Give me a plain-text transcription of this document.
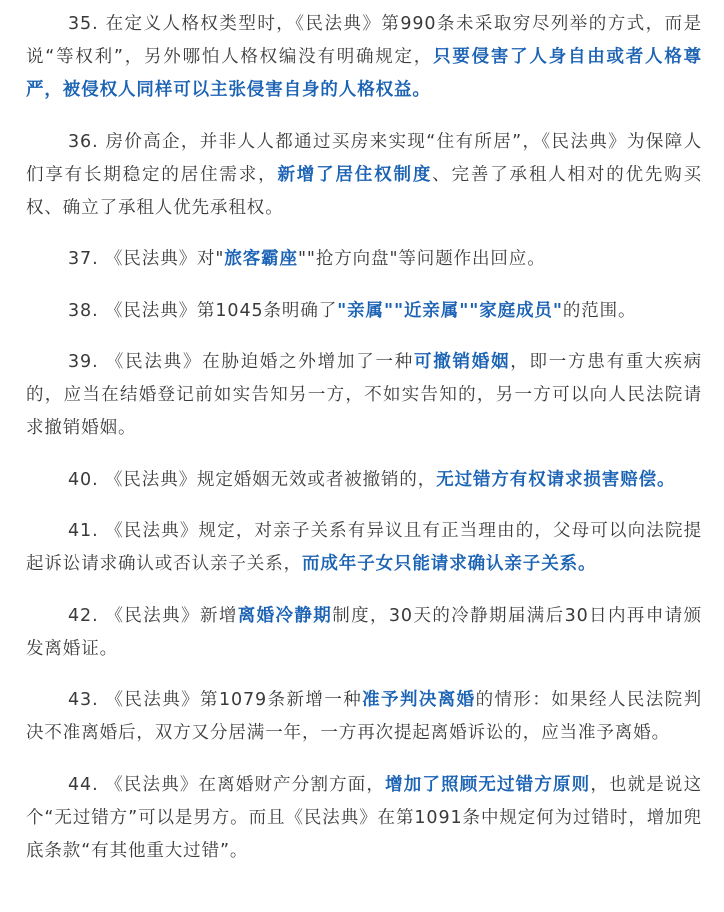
35. 在定义人格权类型时，《民法典》第990条未采取穷尽列举的方式，而是说“等权利”，另外哪怕人格权编没有明确规定，只要侵害了人身自由或者人格尊严，被侵权人同样可以主张侵害自身的人格权益。

36. 房价高企，并非人人都通过买房来实现“住有所居”，《民法典》为保障人们享有长期稳定的居住需求，新增了居住权制度、完善了承租人相对的优先购买权、确立了承租人优先承租权。

37. 《民法典》对"旅客霸座""抢方向盘"等问题作出回应。

38. 《民法典》第1045条明确了"亲属""近亲属""家庭成员"的范围。

39. 《民法典》在胁迫婚之外增加了一种可撤销婚姻，即一方患有重大疾病的，应当在结婚登记前如实告知另一方，不如实告知的，另一方可以向人民法院请求撤销婚姻。

40. 《民法典》规定婚姻无效或者被撤销的，无过错方有权请求损害赔偿。

41. 《民法典》规定，对亲子关系有异议且有正当理由的，父母可以向法院提起诉讼请求确认或否认亲子关系，而成年子女只能请求确认亲子关系。

42. 《民法典》新增离婚冷静期制度，30天的冷静期届满后30日内再申请颁发离婚证。

43. 《民法典》第1079条新增一种准予判决离婚的情形：如果经人民法院判决不准离婚后，双方又分居满一年，一方再次提起离婚诉讼的，应当准予离婚。

44. 《民法典》在离婚财产分割方面，增加了照顾无过错方原则，也就是说这个“无过错方”可以是男方。而且《民法典》在第1091条中规定何为过错时，增加兜底条款“有其他重大过错”。
